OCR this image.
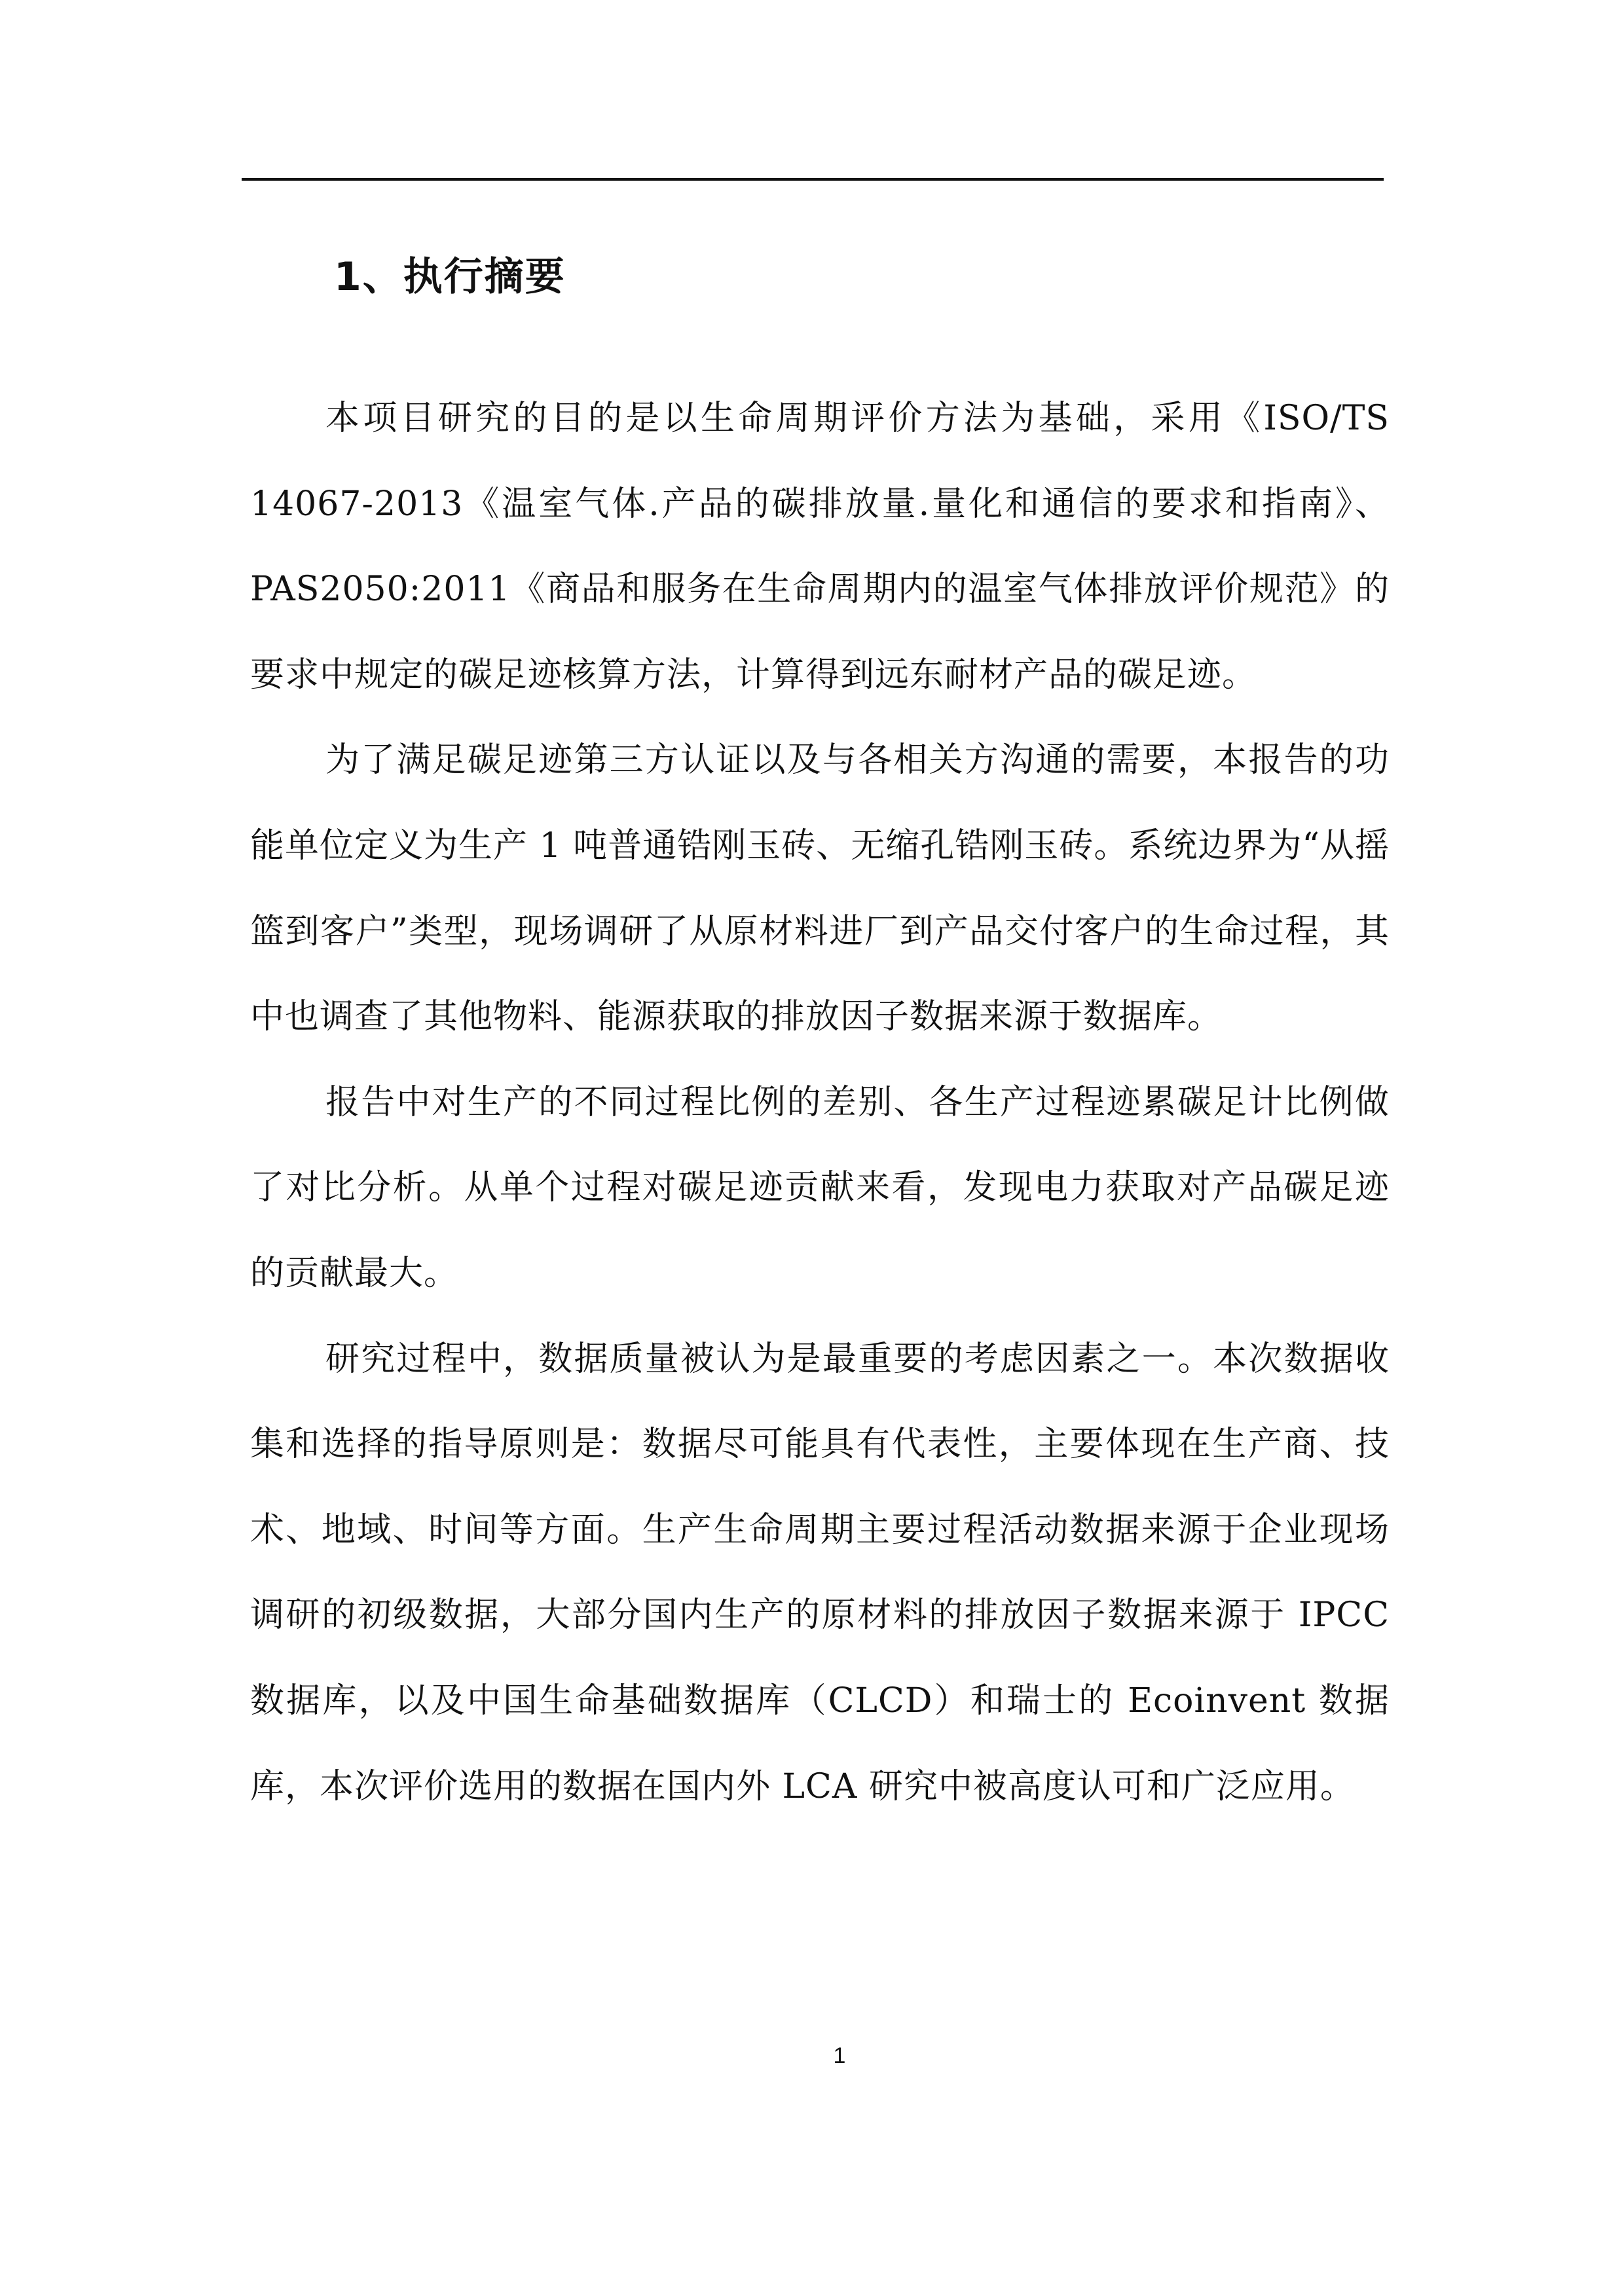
1、执行摘要

本项目研究的目的是以生命周期评价方法为基础，采用《ISO/TS 14067-2013《温室气体.产品的碳排放量.量化和通信的要求和指南》、PAS2050:2011《商品和服务在生命周期内的温室气体排放评价规范》的要求中规定的碳足迹核算方法，计算得到远东耐材产品的碳足迹。

为了满足碳足迹第三方认证以及与各相关方沟通的需要，本报告的功能单位定义为生产 1 吨普通锆刚玉砖、无缩孔锆刚玉砖。系统边界为“从摇篮到客户”类型，现场调研了从原材料进厂到产品交付客户的生命过程，其中也调查了其他物料、能源获取的排放因子数据来源于数据库。

报告中对生产的不同过程比例的差别、各生产过程迹累碳足计比例做了对比分析。从单个过程对碳足迹贡献来看，发现电力获取对产品碳足迹的贡献最大。

研究过程中，数据质量被认为是最重要的考虑因素之一。本次数据收集和选择的指导原则是：数据尽可能具有代表性，主要体现在生产商、技术、地域、时间等方面。生产生命周期主要过程活动数据来源于企业现场调研的初级数据，大部分国内生产的原材料的排放因子数据来源于 IPCC 数据库，以及中国生命基础数据库（CLCD）和瑞士的 Ecoinvent 数据库，本次评价选用的数据在国内外 LCA 研究中被高度认可和广泛应用。

1
